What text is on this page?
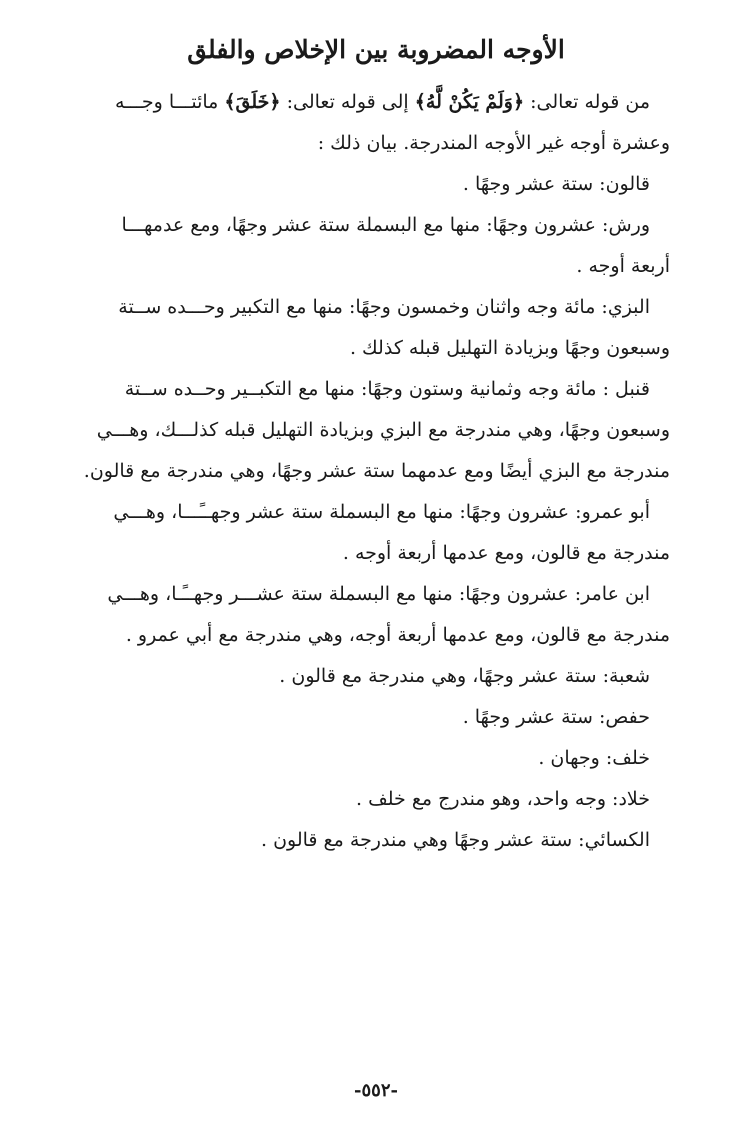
الأوجه المضروبة بين الإخلاص والفلق
من قوله تعالى: ﴿وَلَمْ يَكُنْ لَّهُ﴾ إلى قوله تعالى: ﴿خَلَقَ﴾ مائتـــا وجـــه
وعشرة أوجه غير الأوجه المندرجة. بيان ذلك :
قالون: ستة عشر وجهًا .
ورش: عشرون وجهًا: منها مع البسملة ستة عشر وجهًا، ومع عدمهـــا
أربعة أوجه .
البزي: مائة وجه واثنان وخمسون وجهًا: منها مع التكبير وحـــده ســتة
وسبعون وجهًا وبزيادة التهليل قبله كذلك .
قنبل : مائة وجه وثمانية وستون وجهًا: منها مع التكبــير وحــده ســتة
وسبعون وجهًا، وهي مندرجة مع البزي وبزيادة التهليل قبله كذلـــك، وهـــي
مندرجة مع البزي أيضًا ومع عدمهما ستة عشر وجهًا، وهي مندرجة مع قالون.
أبو عمرو: عشرون وجهًا: منها مع البسملة ستة عشر وجهــًـــا، وهـــي
مندرجة مع قالون، ومع عدمها أربعة أوجه .
ابن عامر: عشرون وجهًا: منها مع البسملة ستة عشـــر وجهــًـا، وهـــي
مندرجة مع قالون، ومع عدمها أربعة أوجه، وهي مندرجة مع أبي عمرو .
شعبة: ستة عشر وجهًا، وهي مندرجة مع قالون .
حفص: ستة عشر وجهًا .
خلف: وجهان .
خلاد: وجه واحد، وهو مندرج مع خلف .
الكسائي: ستة عشر وجهًا وهي مندرجة مع قالون .
-٥٥٢-
